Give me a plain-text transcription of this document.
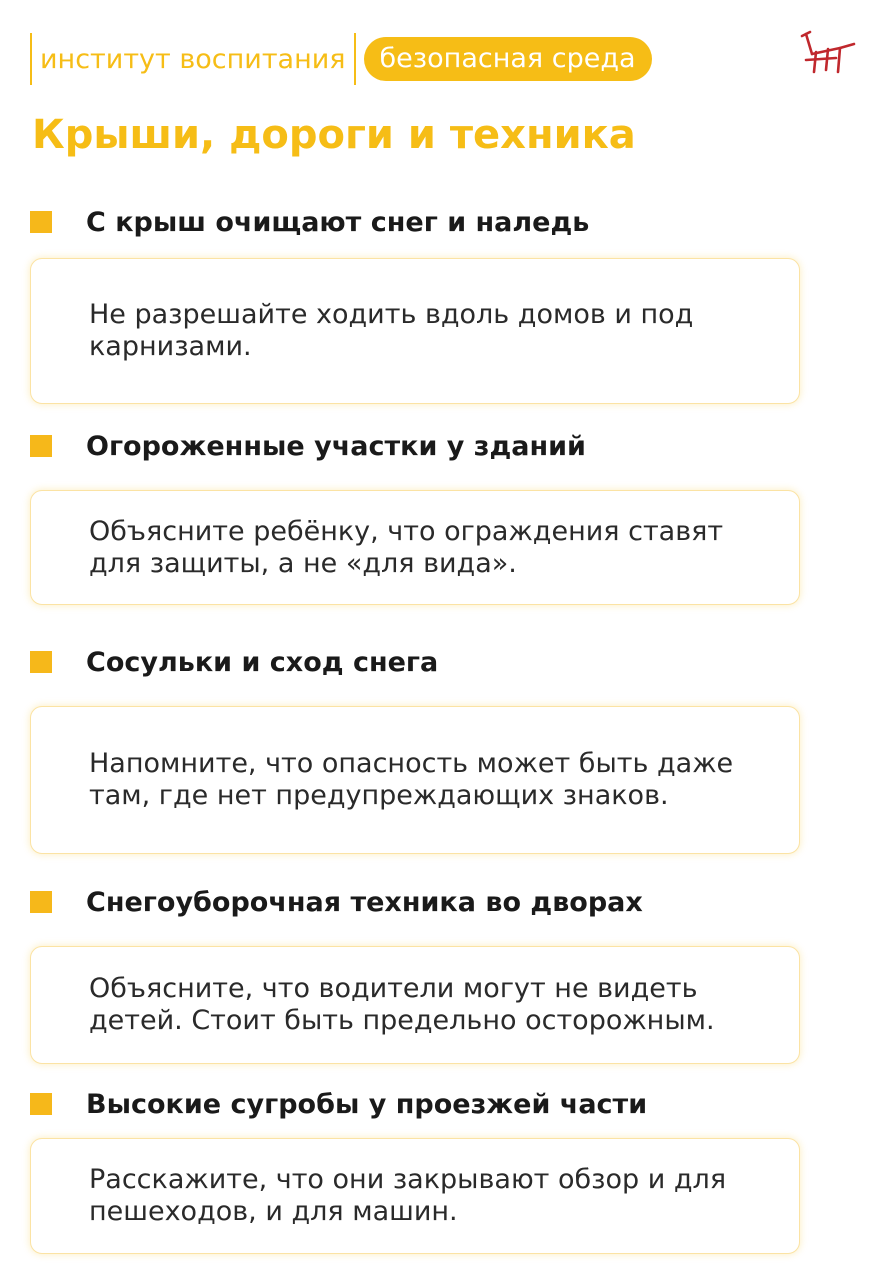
институт воспитания	безопасная среда
Крыши, дороги и техника
С крыш очищают снег и наледь
Не разрешайте ходить вдоль домов и под карнизами.
Огороженные участки у зданий
Объясните ребёнку, что ограждения ставят для защиты, а не «для вида».
Сосульки и сход снега
Напомните, что опасность может быть даже там, где нет предупреждающих знаков.
Снегоуборочная техника во дворах
Объясните, что водители могут не видеть детей. Стоит быть предельно осторожным.
Высокие сугробы у проезжей части
Расскажите, что они закрывают обзор и для пешеходов, и для машин.
